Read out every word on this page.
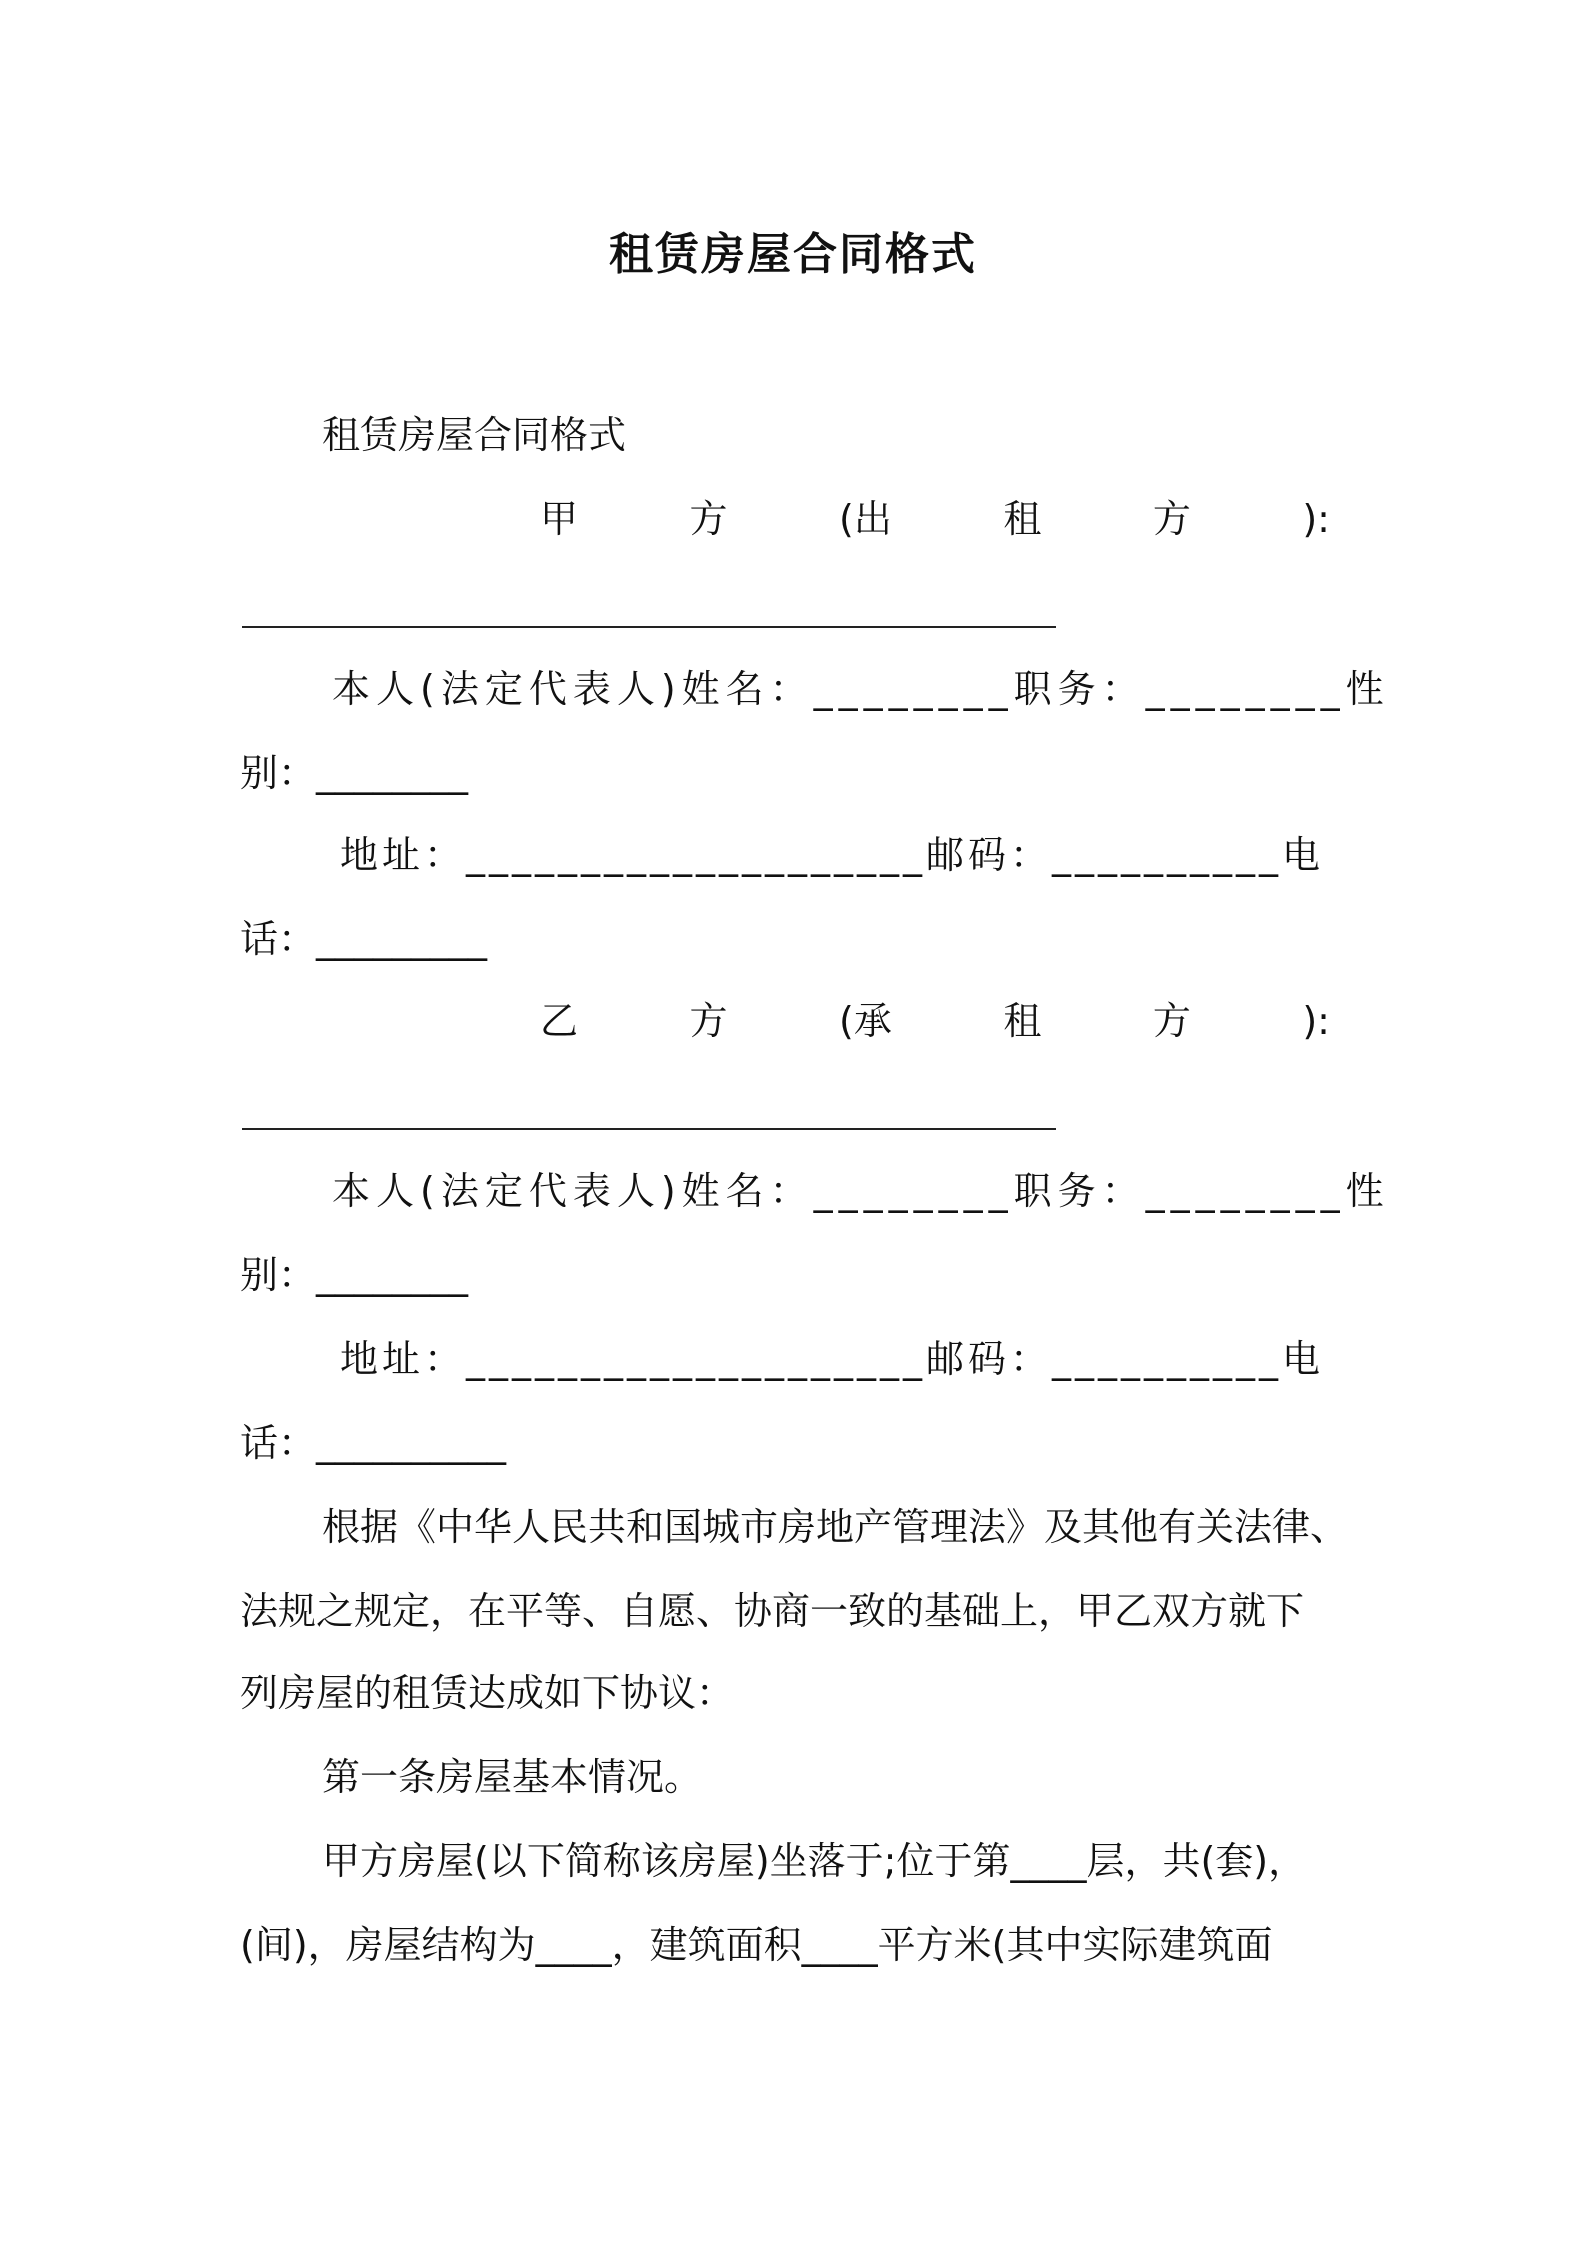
租赁房屋合同格式
租赁房屋合同格式
甲	方	(出	租	方	):
本人(法定代表人)姓名：________职务：________性
别：________
地址：____________________邮码：__________电
话：_________
乙	方	(承	租	方	):
本人(法定代表人)姓名：________职务：________性
别：________
地址：____________________邮码：__________电
话：__________
根据《中华人民共和国城市房地产管理法》及其他有关法律、
法规之规定，在平等、自愿、协商一致的基础上，甲乙双方就下
列房屋的租赁达成如下协议：
第一条房屋基本情况。
甲方房屋(以下简称该房屋)坐落于;位于第____层，共(套)，
(间)，房屋结构为____，建筑面积____平方米(其中实际建筑面
